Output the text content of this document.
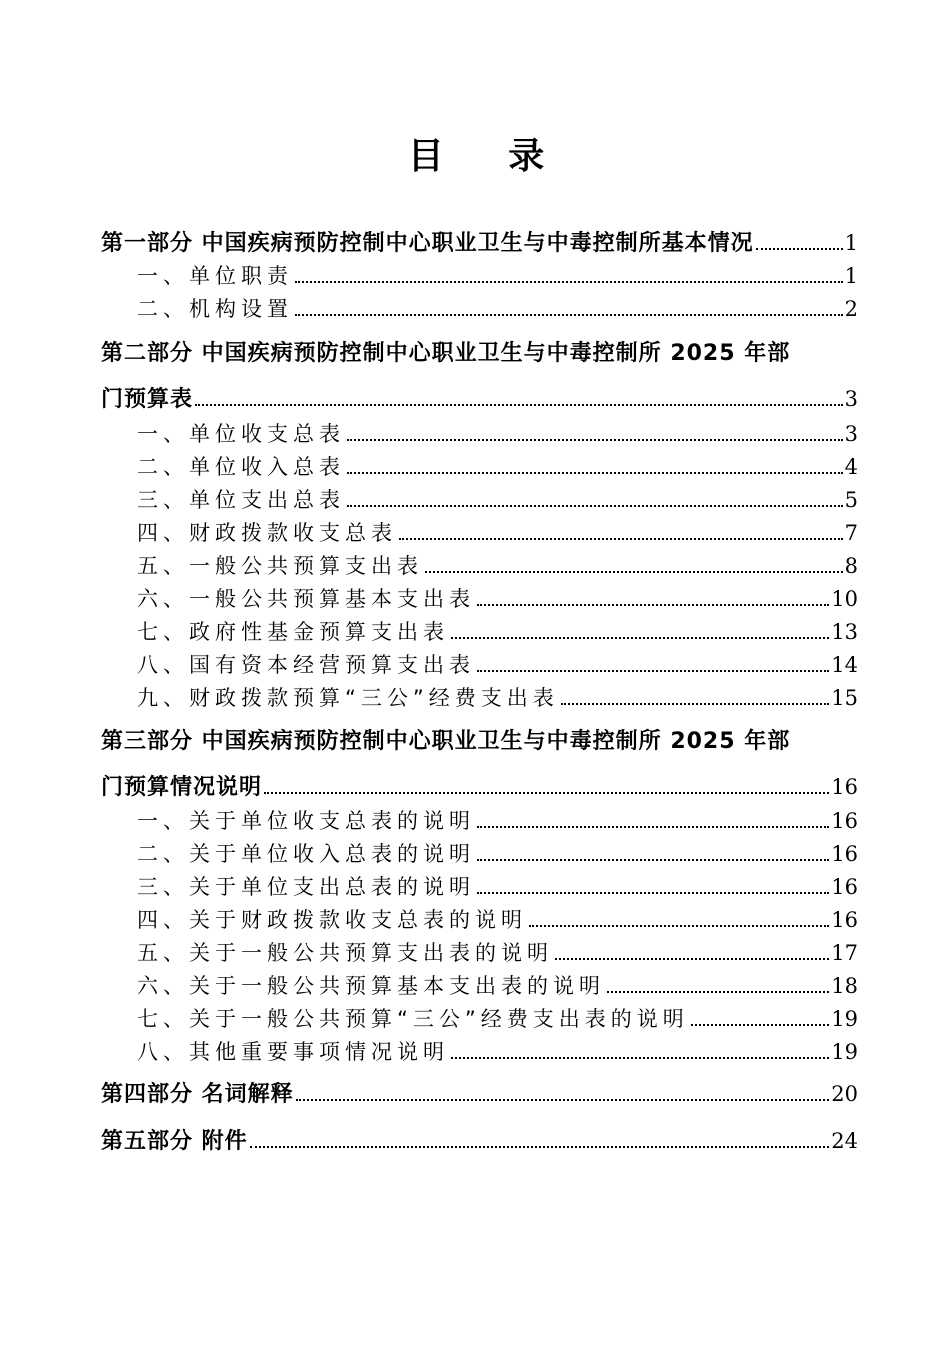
目 录
第一部分 中国疾病预防控制中心职业卫生与中毒控制所基本情况	1
一、单位职责	1
二、机构设置	2
第二部分 中国疾病预防控制中心职业卫生与中毒控制所 2025 年部
门预算表	3
一、单位收支总表	3
二、单位收入总表	4
三、单位支出总表	5
四、财政拨款收支总表	7
五、一般公共预算支出表	8
六、一般公共预算基本支出表	10
七、政府性基金预算支出表	13
八、国有资本经营预算支出表	14
九、财政拨款预算“三公”经费支出表	15
第三部分 中国疾病预防控制中心职业卫生与中毒控制所 2025 年部
门预算情况说明	16
一、关于单位收支总表的说明	16
二、关于单位收入总表的说明	16
三、关于单位支出总表的说明	16
四、关于财政拨款收支总表的说明	16
五、关于一般公共预算支出表的说明	17
六、关于一般公共预算基本支出表的说明	18
七、关于一般公共预算“三公”经费支出表的说明	19
八、其他重要事项情况说明	19
第四部分 名词解释	20
第五部分 附件	24
